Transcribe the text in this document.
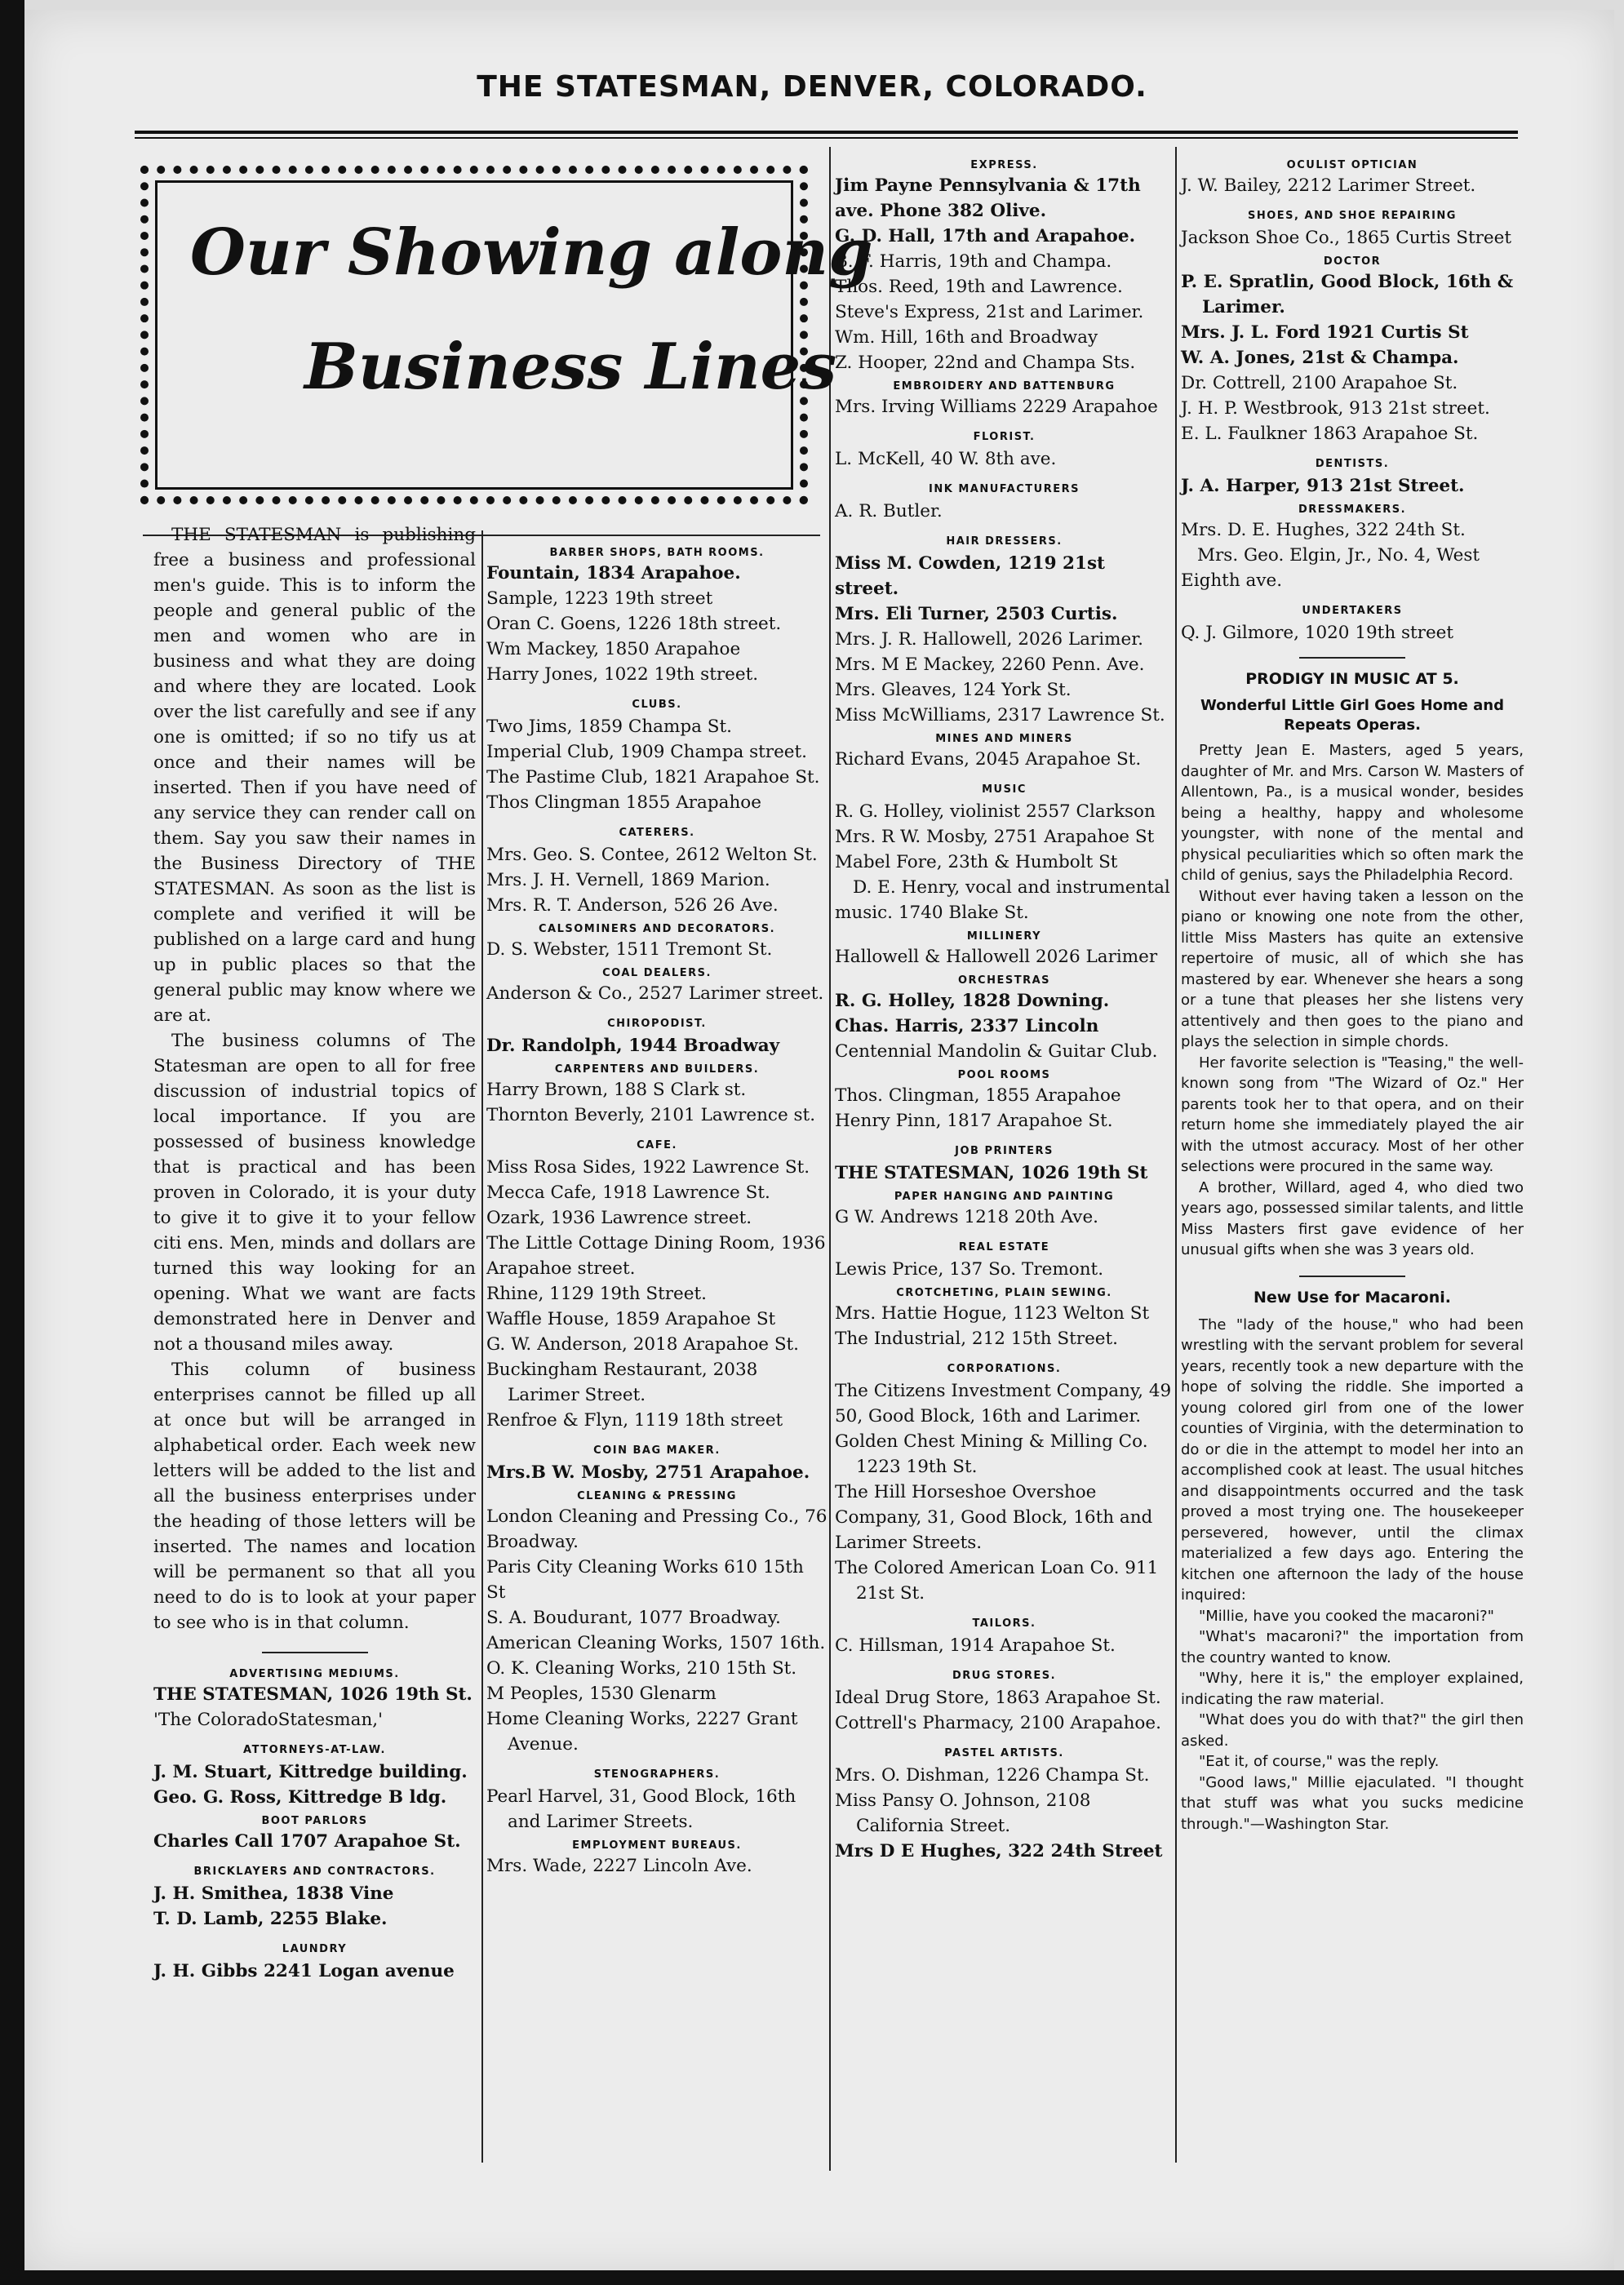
THE STATESMAN, DENVER, COLORADO.
Our Showing along
Business Lines

THE STATESMAN is publishing free a business and professional men's guide. This is to inform the people and general public of the men and women who are in business and what they are doing and where they are located. Look over the list carefully and see if any one is omitted; if so no tify us at once and their names will be inserted. Then if you have need of any service they can render call on them. Say you saw their names in the Business Directory of THE STATESMAN. As soon as the list is complete and verified it will be published on a large card and hung up in public places so that the general public may know where we are at.

The business columns of The Statesman are open to all for free discussion of industrial topics of local importance. If you are possessed of business knowledge that is practical and has been proven in Colorado, it is your duty to give it to give it to your fellow citi ens. Men, minds and dollars are turned this way looking for an opening. What we want are facts demonstrated here in Denver and not a thousand miles away.

This column of business enterprises cannot be filled up all at once but will be arranged in alphabetical order. Each week new letters will be added to the list and all the business enterprises under the heading of those letters will be inserted. The names and location will be permanent so that all you need to do is to look at your paper to see who is in that column.

ADVERTISING MEDIUMS.

THE STATESMAN, 1026 19th St.

'The ColoradoStatesman,'

ATTORNEYS-AT-LAW.

J. M. Stuart, Kittredge building.

Geo. G. Ross, Kittredge B ldg.

BOOT PARLORS

Charles Call 1707 Arapahoe St.

BRICKLAYERS AND CONTRACTORS.

J. H. Smithea, 1838 Vine

T. D. Lamb, 2255 Blake.

LAUNDRY

J. H. Gibbs 2241 Logan avenue

BARBER SHOPS, BATH ROOMS.

Fountain, 1834 Arapahoe.

Sample, 1223 19th street

Oran C. Goens, 1226 18th street.

Wm Mackey, 1850 Arapahoe

Harry Jones, 1022 19th street.

CLUBS.

Two Jims, 1859 Champa St.

Imperial Club, 1909 Champa street.

The Pastime Club, 1821 Arapahoe St.

Thos Clingman 1855 Arapahoe

CATERERS.

Mrs. Geo. S. Contee, 2612 Welton St.

Mrs. J. H. Vernell, 1869 Marion.

Mrs. R. T. Anderson, 526 26 Ave.

CALSOMINERS AND DECORATORS.

D. S. Webster, 1511 Tremont St.

COAL DEALERS.

Anderson & Co., 2527 Larimer street.

CHIROPODIST.

Dr. Randolph, 1944 Broadway

CARPENTERS AND BUILDERS.

Harry Brown, 188 S Clark st.

Thornton Beverly, 2101 Lawrence st.

CAFE.

Miss Rosa Sides, 1922 Lawrence St.

Mecca Cafe, 1918 Lawrence St.

Ozark, 1936 Lawrence street.

The Little Cottage Dining Room, 1936 Arapahoe street.

Rhine, 1129 19th Street.

Waffle House, 1859 Arapahoe St

G. W. Anderson, 2018 Arapahoe St.

Buckingham Restaurant, 2038 Larimer Street.

Renfroe & Flyn, 1119 18th street

COIN BAG MAKER.

Mrs.B W. Mosby, 2751 Arapahoe.

CLEANING & PRESSING

London Cleaning and Pressing Co., 76 Broadway.

Paris City Cleaning Works 610 15th St

S. A. Boudurant, 1077 Broadway.

American Cleaning Works, 1507 16th.

O. K. Cleaning Works, 210 15th St.

M Peoples, 1530 Glenarm

Home Cleaning Works, 2227 Grant Avenue.

STENOGRAPHERS.

Pearl Harvel, 31, Good Block, 16th and Larimer Streets.

EMPLOYMENT BUREAUS.

Mrs. Wade, 2227 Lincoln Ave.

EXPRESS.

Jim Payne Pennsylvania & 17th ave. Phone 382 Olive.

G. D. Hall, 17th and Arapahoe.

B. F. Harris, 19th and Champa.

Thos. Reed, 19th and Lawrence.

Steve's Express, 21st and Larimer.

Wm. Hill, 16th and Broadway

Z. Hooper, 22nd and Champa Sts.

EMBROIDERY AND BATTENBURG

Mrs. Irving Williams 2229 Arapahoe

FLORIST.

L. McKell, 40 W. 8th ave.

INK MANUFACTURERS

A. R. Butler.

HAIR DRESSERS.

Miss M. Cowden, 1219 21st street.

Mrs. Eli Turner, 2503 Curtis.

Mrs. J. R. Hallowell, 2026 Larimer.

Mrs. M E Mackey, 2260 Penn. Ave.

Mrs. Gleaves, 124 York St.

Miss McWilliams, 2317 Lawrence St.

MINES AND MINERS

Richard Evans, 2045 Arapahoe St.

MUSIC

R. G. Holley, violinist 2557 Clarkson

Mrs. R W. Mosby, 2751 Arapahoe St

Mabel Fore, 23th & Humbolt St

D. E. Henry, vocal and instrumental music. 1740 Blake St.

MILLINERY

Hallowell & Hallowell 2026 Larimer

ORCHESTRAS

R. G. Holley, 1828 Downing.

Chas. Harris, 2337 Lincoln

Centennial Mandolin & Guitar Club.

POOL ROOMS

Thos. Clingman, 1855 Arapahoe

Henry Pinn, 1817 Arapahoe St.

JOB PRINTERS

THE STATESMAN, 1026 19th St

PAPER HANGING AND PAINTING

G W. Andrews 1218 20th Ave.

REAL ESTATE

Lewis Price, 137 So. Tremont.

CROTCHETING, PLAIN SEWING.

Mrs. Hattie Hogue, 1123 Welton St

The Industrial, 212 15th Street.

CORPORATIONS.

The Citizens Investment Company, 49 50, Good Block, 16th and Larimer.

Golden Chest Mining & Milling Co. 1223 19th St.

The Hill Horseshoe Overshoe Company, 31, Good Block, 16th and Larimer Streets.

The Colored American Loan Co. 911 21st St.

TAILORS.

C. Hillsman, 1914 Arapahoe St.

DRUG STORES.

Ideal Drug Store, 1863 Arapahoe St.

Cottrell's Pharmacy, 2100 Arapahoe.

PASTEL ARTISTS.

Mrs. O. Dishman, 1226 Champa St.

Miss Pansy O. Johnson, 2108 California Street.

Mrs D E Hughes, 322 24th Street

OCULIST OPTICIAN

J. W. Bailey, 2212 Larimer Street.

SHOES, AND SHOE REPAIRING

Jackson Shoe Co., 1865 Curtis Street

DOCTOR

P. E. Spratlin, Good Block, 16th & Larimer.

Mrs. J. L. Ford 1921 Curtis St

W. A. Jones, 21st & Champa.

Dr. Cottrell, 2100 Arapahoe St.

J. H. P. Westbrook, 913 21st street.

E. L. Faulkner 1863 Arapahoe St.

DENTISTS.

J. A. Harper, 913 21st Street.

DRESSMAKERS.

Mrs. D. E. Hughes, 322 24th St.

Mrs. Geo. Elgin, Jr., No. 4, West Eighth ave.

UNDERTAKERS

Q. J. Gilmore, 1020 19th street

PRODIGY IN MUSIC AT 5.
Wonderful Little Girl Goes Home and Repeats Operas.

Pretty Jean E. Masters, aged 5 years, daughter of Mr. and Mrs. Carson W. Masters of Allentown, Pa., is a musical wonder, besides being a healthy, happy and wholesome youngster, with none of the mental and physical peculiarities which so often mark the child of genius, says the Philadelphia Record.

Without ever having taken a lesson on the piano or knowing one note from the other, little Miss Masters has quite an extensive repertoire of music, all of which she has mastered by ear. Whenever she hears a song or a tune that pleases her she listens very attentively and then goes to the piano and plays the selection in simple chords.

Her favorite selection is "Teasing," the well-known song from "The Wizard of Oz." Her parents took her to that opera, and on their return home she immediately played the air with the utmost accuracy. Most of her other selections were procured in the same way.

A brother, Willard, aged 4, who died two years ago, possessed similar talents, and little Miss Masters first gave evidence of her unusual gifts when she was 3 years old.

New Use for Macaroni.

The "lady of the house," who had been wrestling with the servant problem for several years, recently took a new departure with the hope of solving the riddle. She imported a young colored girl from one of the lower counties of Virginia, with the determination to do or die in the attempt to model her into an accomplished cook at least. The usual hitches and disappointments occurred and the task proved a most trying one. The housekeeper persevered, however, until the climax materialized a few days ago. Entering the kitchen one afternoon the lady of the house inquired:

"Millie, have you cooked the macaroni?"

"What's macaroni?" the importation from the country wanted to know.

"Why, here it is," the employer explained, indicating the raw material.

"What does you do with that?" the girl then asked.

"Eat it, of course," was the reply.

"Good laws," Millie ejaculated. "I thought that stuff was what you sucks medicine through."—Washington Star.
